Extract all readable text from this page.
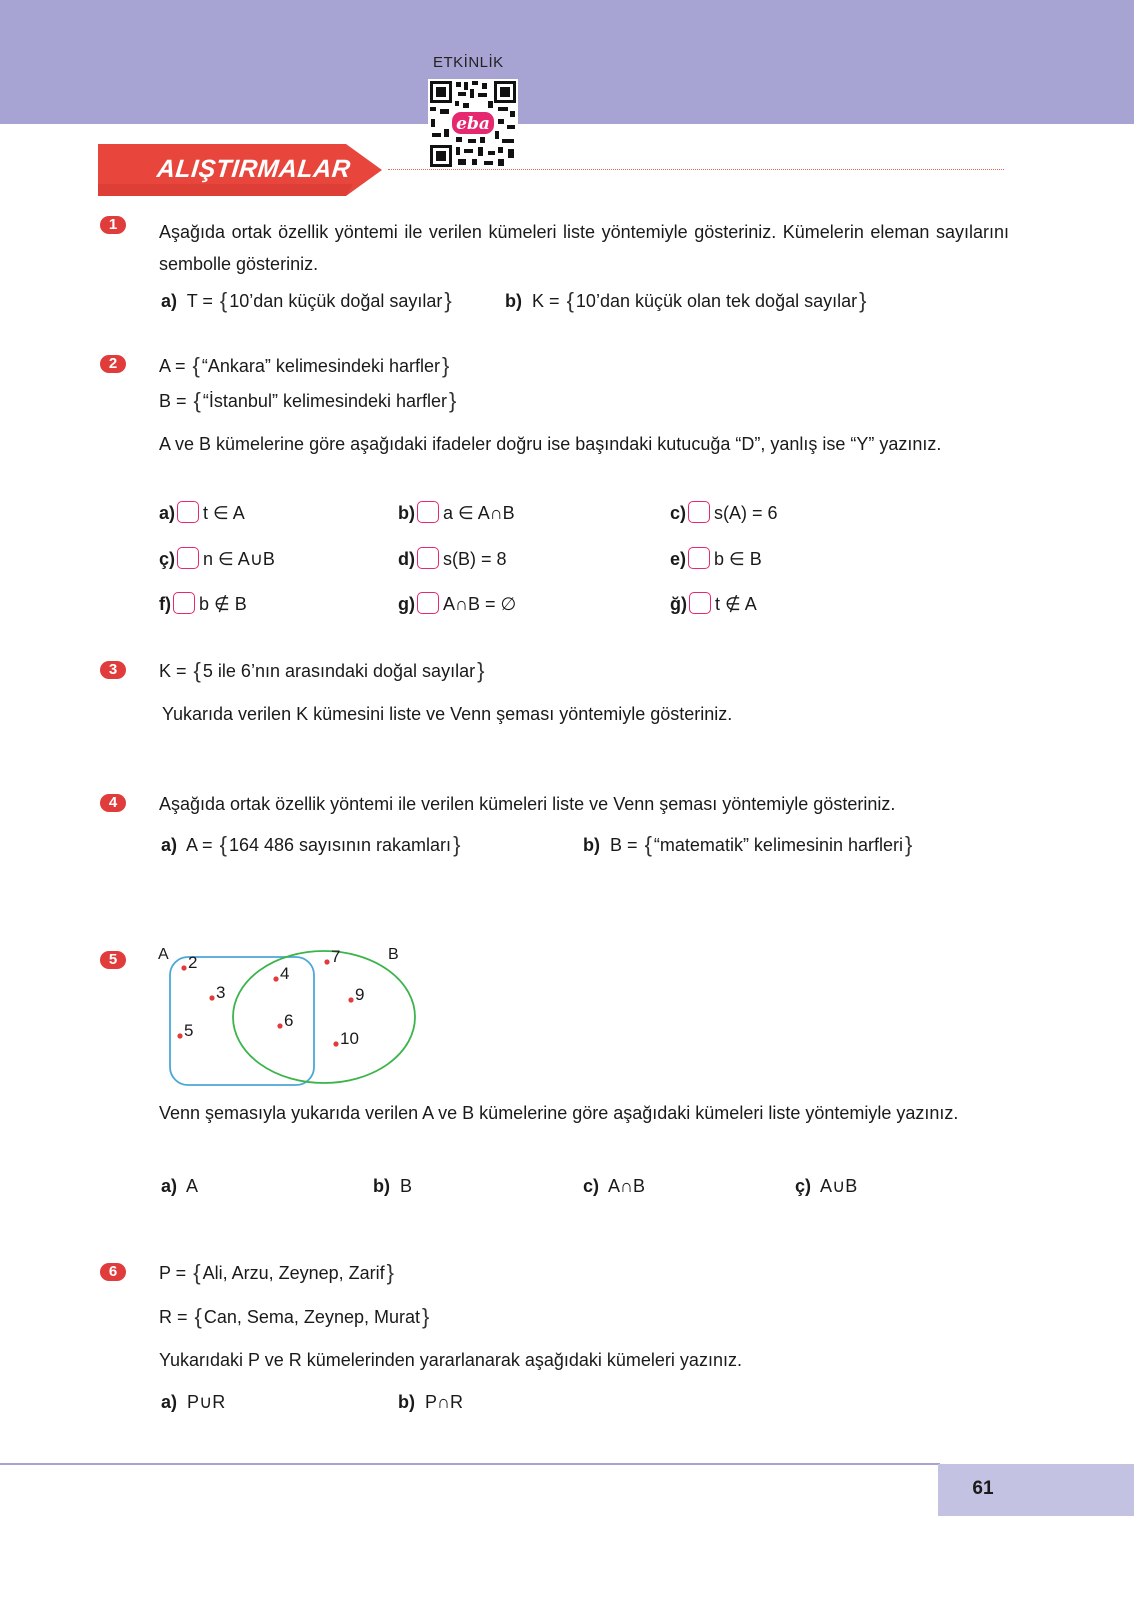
ETKİNLİK
eba
ALIŞTIRMALAR
1	Aşağıda ortak özellik yöntemi ile verilen kümeleri liste yöntemiyle gösteriniz. Kümelerin eleman sayılarını sembolle gösteriniz.
a) T = { 10’dan küçük doğal sayılar}	b) K = { 10’dan küçük olan tek doğal sayılar}
2	A = { “Ankara” kelimesindeki harfler}
B = { “İstanbul” kelimesindeki harfler}
A ve B kümelerine göre aşağıdaki ifadeler doğru ise başındaki kutucuğa “D”, yanlış ise “Y” yazınız.
a) t ∈ A	b) a ∈ A∩B	c) s(A) = 6
ç) n ∈ A∪B	d) s(B) = 8	e) b ∈ B
f) b ∉ B	g) A∩B = ∅	ğ) t ∉ A
3	K = { 5 ile 6’nın arasındaki doğal sayılar}
Yukarıda verilen K kümesini liste ve Venn şeması yöntemiyle gösteriniz.
4	Aşağıda ortak özellik yöntemi ile verilen kümeleri liste ve Venn şeması yöntemiyle gösteriniz.
a) A = { 164 486 sayısının rakamları}	b) B = { “matematik” kelimesinin harfleri}
5	A	B
2
3
5
4
6
7
9
10
Venn şemasıyla yukarıda verilen A ve B kümelerine göre aşağıdaki kümeleri liste yöntemiyle yazınız.
a) A	b) B	c) A∩B	ç) A∪B
6	P = { Ali, Arzu, Zeynep, Zarif}
R = { Can, Sema, Zeynep, Murat}
Yukarıdaki P ve R kümelerinden yararlanarak aşağıdaki kümeleri yazınız.
a) P∪R	b) P∩R
61
